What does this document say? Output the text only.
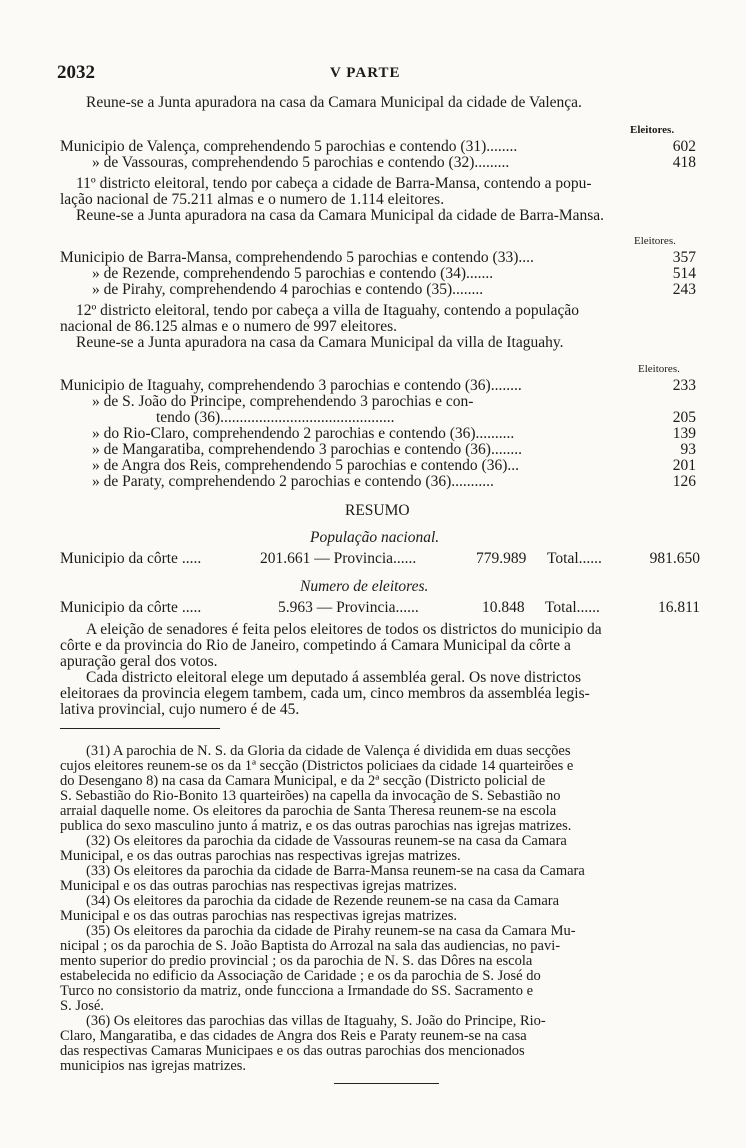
2032	V PARTE
Reune-se a Junta apuradora na casa da Camara Municipal da cidade de Valença.
Eleitores.
Municipio de Valença, comprehendendo 5 parochias e contendo (31)........	602
» de Vassouras, comprehendendo 5 parochias e contendo (32).........	418
11º districto eleitoral, tendo por cabeça a cidade de Barra-Mansa, contendo a popu-
lação nacional de 75.211 almas e o numero de 1.114 eleitores.
Reune-se a Junta apuradora na casa da Camara Municipal da cidade de Barra-Mansa.
Eleitores.
Municipio de Barra-Mansa, comprehendendo 5 parochias e contendo (33)....	357
» de Rezende, comprehendendo 5 parochias e contendo (34).......	514
» de Pirahy, comprehendendo 4 parochias e contendo (35)........	243
12º districto eleitoral, tendo por cabeça a villa de Itaguahy, contendo a população
nacional de 86.125 almas e o numero de 997 eleitores.
Reune-se a Junta apuradora na casa da Camara Municipal da villa de Itaguahy.
Eleitores.
Municipio de Itaguahy, comprehendendo 3 parochias e contendo (36)........	233
» de S. João do Principe, comprehendendo 3 parochias e con-
tendo (36).............................................	205
» do Rio-Claro, comprehendendo 2 parochias e contendo (36)..........	139
» de Mangaratiba, comprehendendo 3 parochias e contendo (36)........	93
» de Angra dos Reis, comprehendendo 5 parochias e contendo (36)...	201
» de Paraty, comprehendendo 2 parochias e contendo (36)...........	126
RESUMO
População nacional.
Municipio da côrte .....	201.661 — Provincia......	779.989 Total......	981.650
Numero de eleitores.
Municipio da côrte .....	5.963 — Provincia......	10.848 Total......	16.811
A eleição de senadores é feita pelos eleitores de todos os districtos do municipio da
côrte e da provincia do Rio de Janeiro, competindo á Camara Municipal da côrte a
apuração geral dos votos.
Cada districto eleitoral elege um deputado á assembléa geral. Os nove districtos
eleitoraes da provincia elegem tambem, cada um, cinco membros da assembléa legis-
lativa provincial, cujo numero é de 45.
(31) A parochia de N. S. da Gloria da cidade de Valença é dividida em duas secções
cujos eleitores reunem-se os da 1ª secção (Districtos policiaes da cidade 14 quarteirões e
do Desengano 8) na casa da Camara Municipal, e da 2ª secção (Districto policial de
S. Sebastião do Rio-Bonito 13 quarteirões) na capella da invocação de S. Sebastião no
arraial daquelle nome. Os eleitores da parochia de Santa Theresa reunem-se na escola
publica do sexo masculino junto á matriz, e os das outras parochias nas igrejas matrizes.
(32) Os eleitores da parochia da cidade de Vassouras reunem-se na casa da Camara
Municipal, e os das outras parochias nas respectivas igrejas matrizes.
(33) Os eleitores da parochia da cidade de Barra-Mansa reunem-se na casa da Camara
Municipal e os das outras parochias nas respectivas igrejas matrizes.
(34) Os eleitores da parochia da cidade de Rezende reunem-se na casa da Camara
Municipal e os das outras parochias nas respectivas igrejas matrizes.
(35) Os eleitores da parochia da cidade de Pirahy reunem-se na casa da Camara Mu-
nicipal ; os da parochia de S. João Baptista do Arrozal na sala das audiencias, no pavi-
mento superior do predio provincial ; os da parochia de N. S. das Dôres na escola
estabelecida no edificio da Associação de Caridade ; e os da parochia de S. José do
Turco no consistorio da matriz, onde funcciona a Irmandade do SS. Sacramento e
S. José.
(36) Os eleitores das parochias das villas de Itaguahy, S. João do Principe, Rio-
Claro, Mangaratiba, e das cidades de Angra dos Reis e Paraty reunem-se na casa
das respectivas Camaras Municipaes e os das outras parochias dos mencionados
municipios nas igrejas matrizes.
